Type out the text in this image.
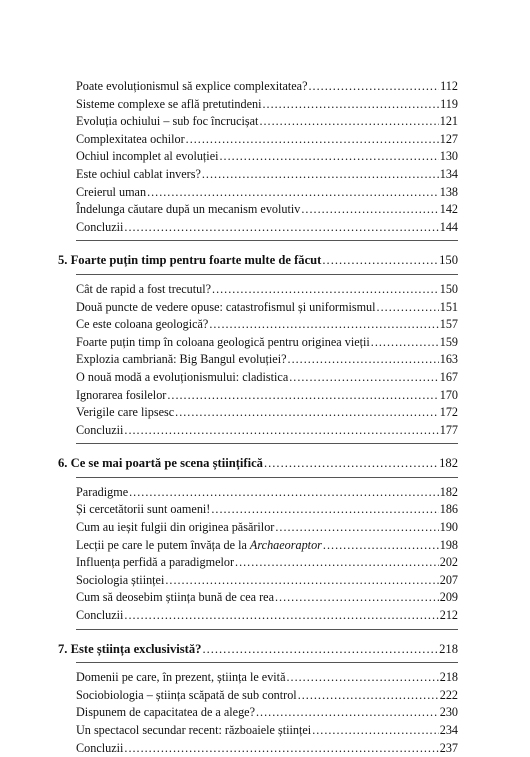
Poate evoluționismul să explice complexitatea? .....	112
Sisteme complexe se află pretutindeni .....	119
Evoluția ochiului – sub foc încrucișat .....	121
Complexitatea ochilor .....	127
Ochiul incomplet al evoluției .....	130
Este ochiul cablat invers? .....	134
Creierul uman .....	138
Îndelunga căutare după un mecanism evolutiv .....	142
Concluzii .....	144
5. Foarte puțin timp pentru foarte multe de făcut .....	150
Cât de rapid a fost trecutul? .....	150
Două puncte de vedere opuse: catastrofismul și uniformismul .....	151
Ce este coloana geologică? .....	157
Foarte puțin timp în coloana geologică pentru originea vieții .....	159
Explozia cambriană: Big Bangul evoluției? .....	163
O nouă modă a evoluționismului: cladistica .....	167
Ignorarea fosilelor .....	170
Verigile care lipsesc .....	172
Concluzii .....	177
6. Ce se mai poartă pe scena științifică .....	182
Paradigme .....	182
Și cercetătorii sunt oameni! .....	186
Cum au ieșit fulgii din originea păsărilor .....	190
Lecții pe care le putem învăța de la Archaeoraptor .....	198
Influența perfidă a paradigmelor .....	202
Sociologia științei .....	207
Cum să deosebim știința bună de cea rea .....	209
Concluzii .....	212
7. Este știința exclusivistă? .....	218
Domenii pe care, în prezent, știința le evită .....	218
Sociobiologia – știința scăpată de sub control .....	222
Dispunem de capacitatea de a alege? .....	230
Un spectacol secundar recent: războaiele științei .....	234
Concluzii .....	237
